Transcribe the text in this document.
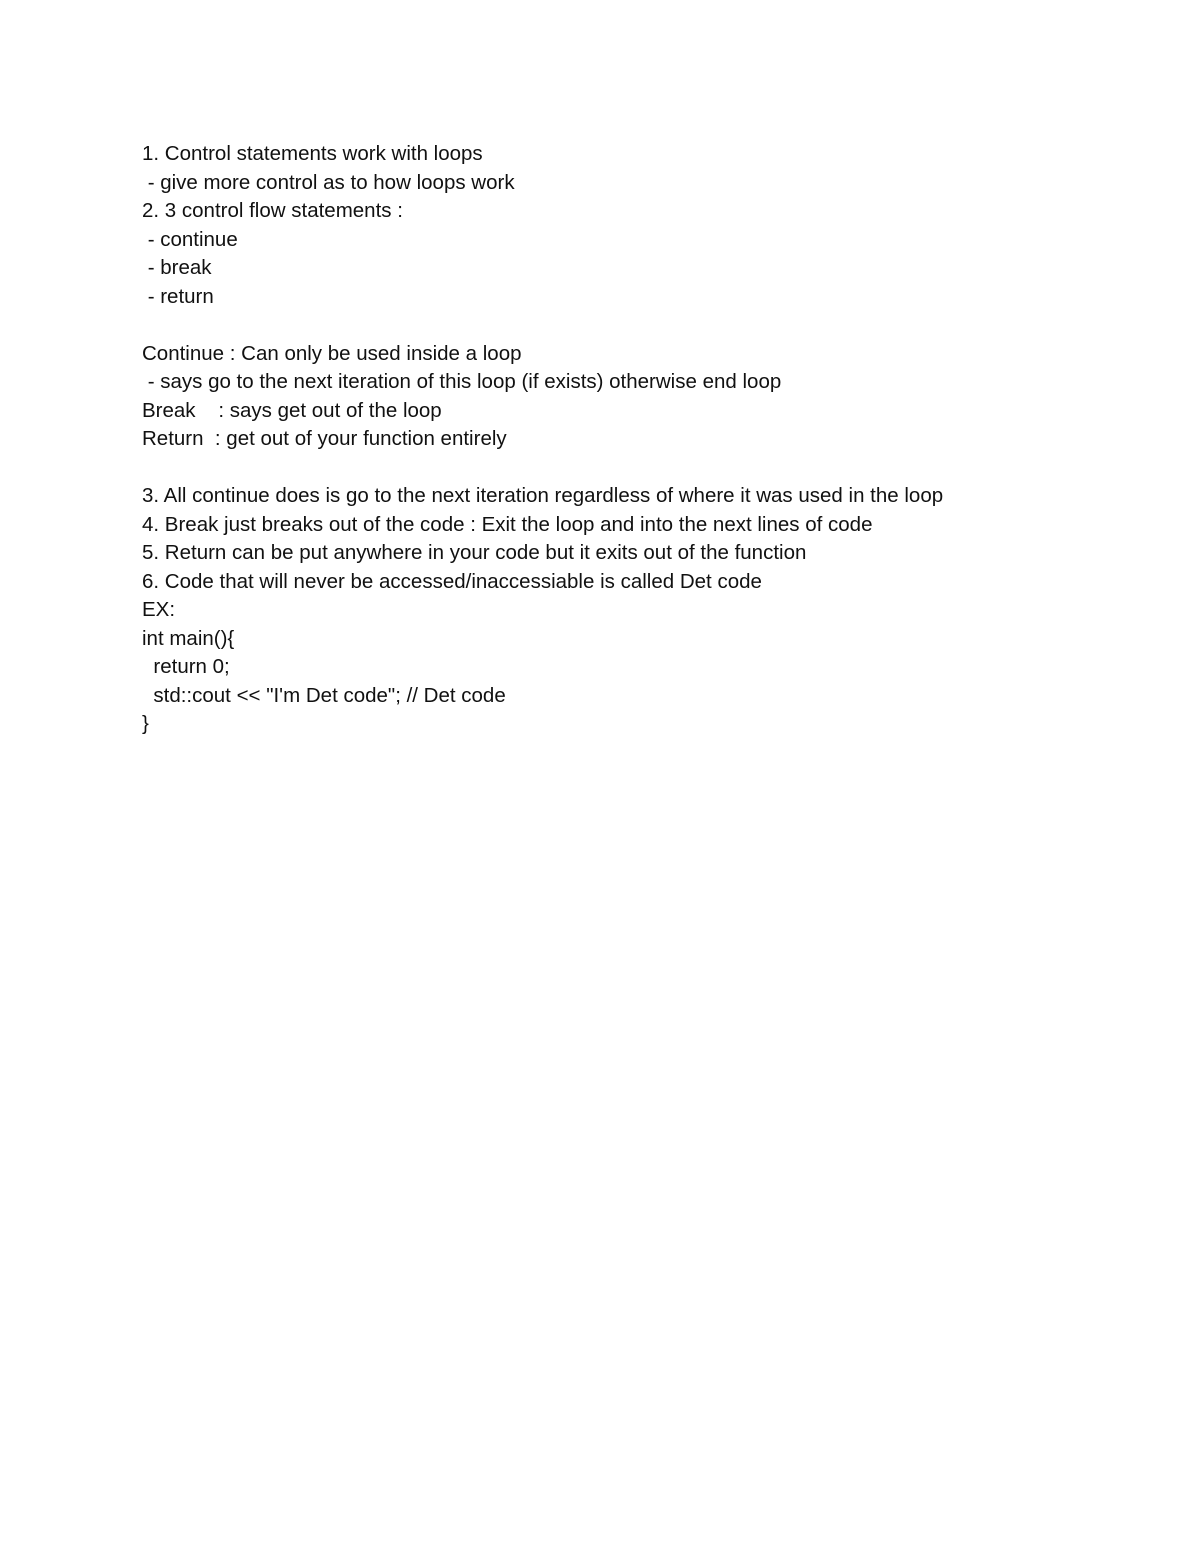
1. Control statements work with loops
- give more control as to how loops work
2. 3 control flow statements :
- continue
- break
- return
Continue : Can only be used inside a loop
- says go to the next iteration of this loop (if exists) otherwise end loop
Break    : says get out of the loop
Return  : get out of your function entirely
3. All continue does is go to the next iteration regardless of where it was used in the loop
4. Break just breaks out of the code : Exit the loop and into the next lines of code
5. Return can be put anywhere in your code but it exits out of the function
6. Code that will never be accessed/inaccessiable is called Det code
EX:
int main(){
return 0;
std::cout << "I'm Det code"; // Det code
}
